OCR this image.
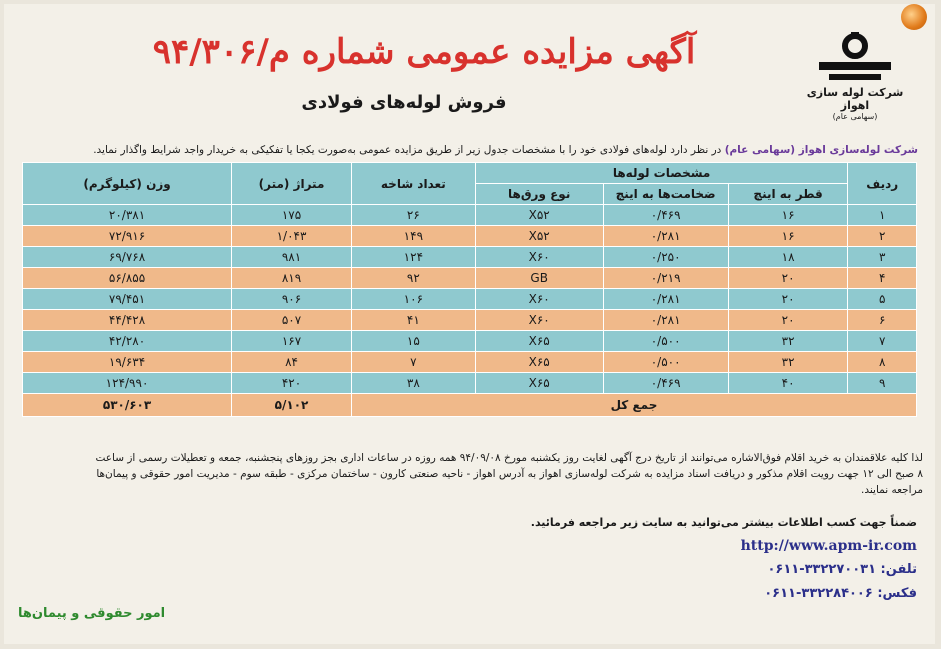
شرکت لوله سازی اهواز
(سهامی عام)
آگهی مزایده عمومی شماره م/۹۴/۳۰۶
فروش لوله‌های فولادی
شرکت لوله‌سازی اهواز (سهامی عام) در نظر دارد لوله‌های فولادی خود را با مشخصات جدول زیر از طریق مزایده عمومی به‌صورت یکجا یا تفکیکی به خریدار واجد شرایط واگذار نماید.
ردیف	مشخصات لوله‌ها			تعداد شاخه	متراژ (متر)	وزن (کیلوگرم)
	قطر به اینچ	ضخامت‌ها به اینچ	نوع ورق‌ها			
۱	۱۶	۰/۴۶۹	X۵۲	۲۶	۱۷۵	۲۰/۳۸۱
۲	۱۶	۰/۲۸۱	X۵۲	۱۴۹	۱/۰۴۳	۷۲/۹۱۶
۳	۱۸	۰/۲۵۰	X۶۰	۱۲۴	۹۸۱	۶۹/۷۶۸
۴	۲۰	۰/۲۱۹	GB	۹۲	۸۱۹	۵۶/۸۵۵
۵	۲۰	۰/۲۸۱	X۶۰	۱۰۶	۹۰۶	۷۹/۴۵۱
۶	۲۰	۰/۲۸۱	X۶۰	۴۱	۵۰۷	۴۴/۴۲۸
۷	۳۲	۰/۵۰۰	X۶۵	۱۵	۱۶۷	۴۲/۲۸۰
۸	۳۲	۰/۵۰۰	X۶۵	۷	۸۴	۱۹/۶۳۴
۹	۴۰	۰/۴۶۹	X۶۵	۳۸	۴۲۰	۱۲۴/۹۹۰
جمع کل					۵/۱۰۲	۵۳۰/۶۰۳

لذا کلیه علاقمندان به خرید اقلام فوق‌الاشاره می‌توانند از تاریخ درج آگهی لغایت روز یکشنبه مورخ ۹۴/۰۹/۰۸ همه روزه در ساعات اداری بجز روزهای پنجشنبه، جمعه و تعطیلات رسمی از ساعت

۸ صبح الی ۱۲ جهت رویت اقلام مذکور و دریافت اسناد مزایده به شرکت لوله‌سازی اهواز به آدرس اهواز - ناحیه صنعتی کارون - ساختمان مرکزی - طبقه سوم - مدیریت امور حقوقی و پیمان‌ها

مراجعه نمایند.

ضمناً جهت کسب اطلاعات بیشتر می‌توانید به سایت زیر مراجعه فرمائید.
http://www.apm-ir.com
تلفن: ۳۳۲۲۷۰۰۳۱-۰۶۱۱
فکس: ۳۳۲۲۸۴۰۰۶-۰۶۱۱
امور حقوقی و پیمان‌ها
